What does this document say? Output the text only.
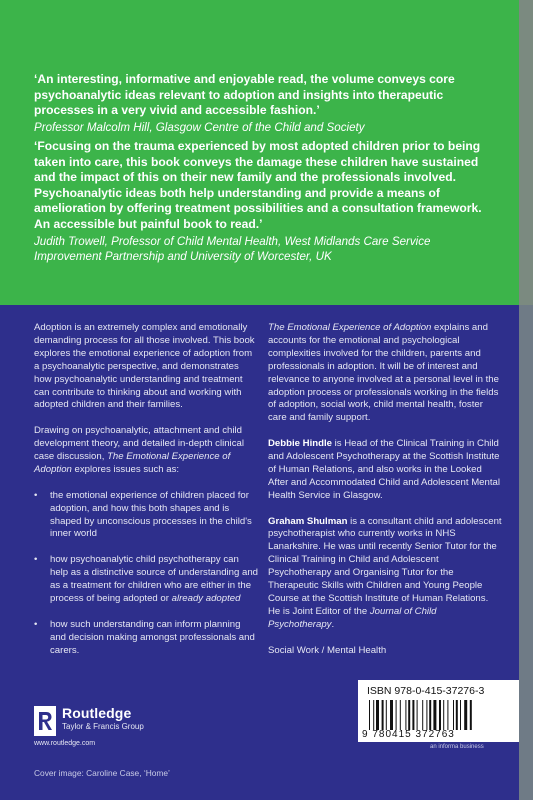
‘An interesting, informative and enjoyable read, the volume conveys core psychoanalytic ideas relevant to adoption and insights into therapeutic processes in a very vivid and accessible fashion.’
Professor Malcolm Hill, Glasgow Centre of the Child and Society
‘Focusing on the trauma experienced by most adopted children prior to being taken into care, this book conveys the damage these children have sustained and the impact of this on their new family and the professionals involved. Psychoanalytic ideas both help understanding and provide a means of amelioration by offering treatment possibilities and a consultation framework. An accessible but painful book to read.’
Judith Trowell, Professor of Child Mental Health, West Midlands Care Service Improvement Partnership and University of Worcester, UK

Adoption is an extremely complex and emotionally demanding process for all those involved. This book explores the emotional experience of adoption from a psychoanalytic perspective, and demonstrates how psychoanalytic understanding and treatment can contribute to thinking about and working with adopted children and their families.

Drawing on psychoanalytic, attachment and child development theory, and detailed in-depth clinical case discussion, The Emotional Experience of Adoption explores issues such as:

• the emotional experience of children placed for adoption, and how this both shapes and is shaped by unconscious processes in the child's inner world
• how psychoanalytic child psychotherapy can help as a distinctive source of understanding and as a treatment for children who are either in the process of being adopted or already adopted
• how such understanding can inform planning and decision making amongst professionals and carers.

The Emotional Experience of Adoption explains and accounts for the emotional and psychological complexities involved for the children, parents and professionals in adoption. It will be of interest and relevance to anyone involved at a personal level in the adoption process or professionals working in the fields of adoption, social work, child mental health, foster care and family support.

Debbie Hindle is Head of the Clinical Training in Child and Adolescent Psychotherapy at the Scottish Institute of Human Relations, and also works in the Looked After and Accommodated Child and Adolescent Mental Health Service in Glasgow.

Graham Shulman is a consultant child and adolescent psychotherapist who currently works in NHS Lanarkshire. He was until recently Senior Tutor for the Clinical Training in Child and Adolescent Psychotherapy and Organising Tutor for the Therapeutic Skills with Children and Young People Course at the Scottish Institute of Human Relations. He is Joint Editor of the Journal of Child Psychotherapy.

Social Work / Mental Health

Routledge
Taylor & Francis Group
www.routledge.com
Cover image: Caroline Case, ‘Home’
ISBN 978-0-415-37276-3
9 780415 372763
an informa business
